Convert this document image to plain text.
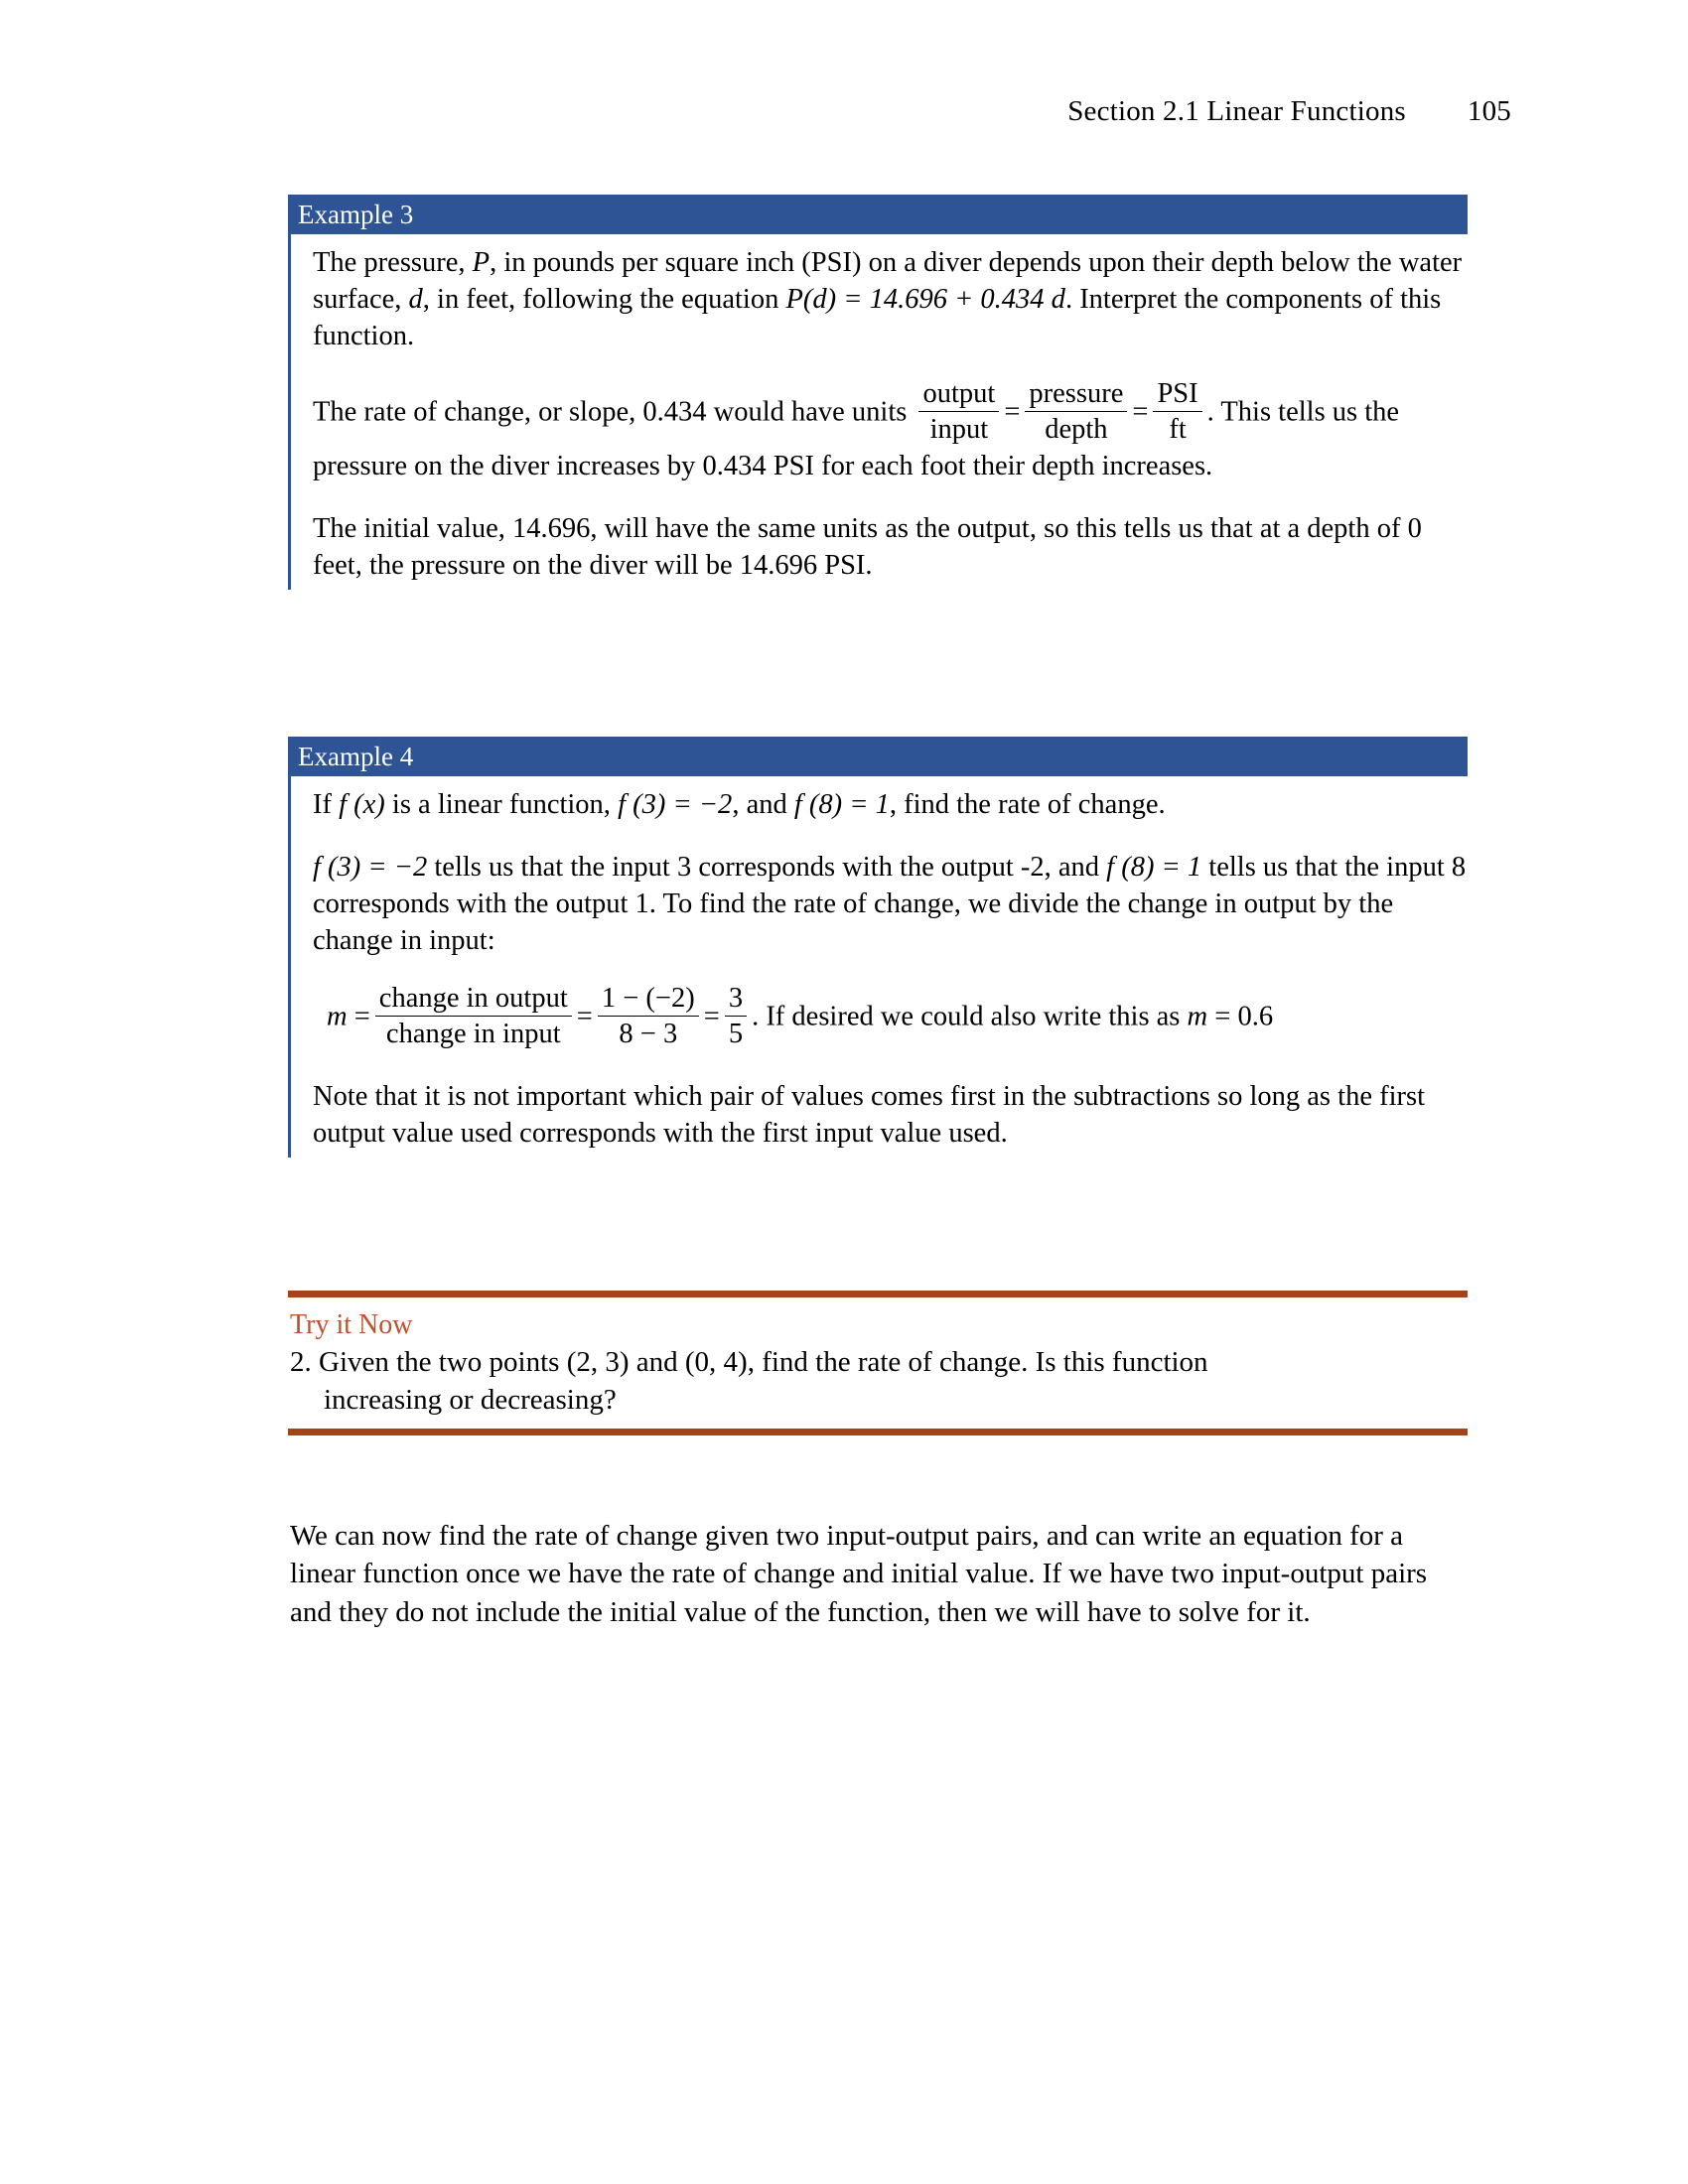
Section 2.1 Linear Functions 105
Example 3

The pressure, P, in pounds per square inch (PSI) on a diver depends upon their depth below the water surface, d, in feet, following the equation P(d) = 14.696 + 0.434 d. Interpret the components of this function.

The rate of change, or slope, 0.434 would have units $\frac{\text{output}}{\text{input}} = \frac{\text{pressure}}{\text{depth}} = \frac{\text{PSI}}{ft}$ . This tells us the pressure on the diver increases by 0.434 PSI for each foot their depth increases.

The initial value, 14.696, will have the same units as the output, so this tells us that at a depth of 0 feet, the pressure on the diver will be 14.696 PSI.

Example 4

If f (x) is a linear function, f (3) = −2, and f (8) = 1, find the rate of change.

f (3) = −2 tells us that the input 3 corresponds with the output -2, and f (8) = 1 tells us that the input 8 corresponds with the output 1. To find the rate of change, we divide the change in output by the change in input:

$m = \frac{\text{change in output}}{\text{change in input}} = \frac{1 - (-2)}{8 - 3} = \frac{3}{5}$ . If desired we could also write this as m = 0.6

Note that it is not important which pair of values comes first in the subtractions so long as the first output value used corresponds with the first input value used.

Try it Now
2. Given the two points (2, 3) and (0, 4), find the rate of change. Is this function
increasing or decreasing?

We can now find the rate of change given two input-output pairs, and can write an equation for a linear function once we have the rate of change and initial value. If we have two input-output pairs and they do not include the initial value of the function, then we will have to solve for it.
